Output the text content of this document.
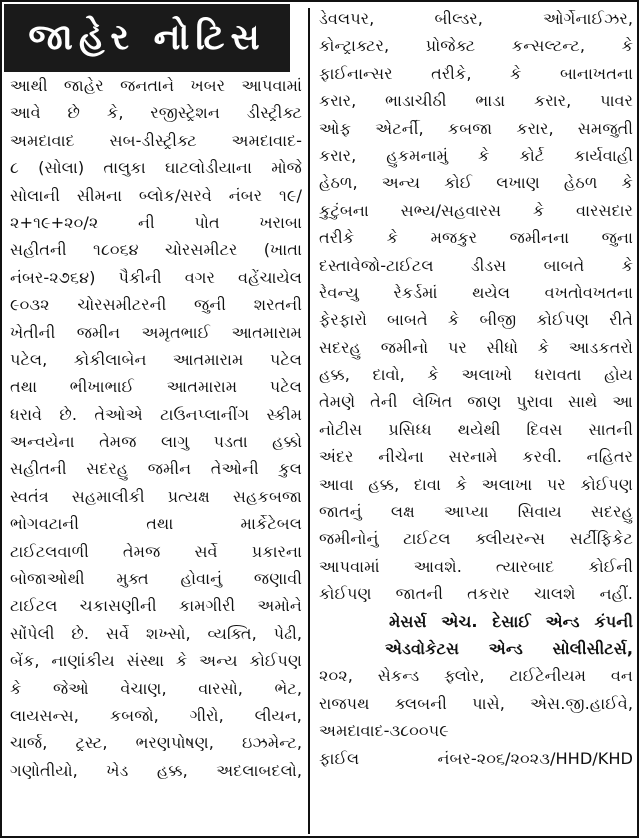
જાહેર નોટિસ
આથી જાહેર જનતાને ખબર આપવામાં
આવે છે કે, રજીસ્ટ્રેશન ડીસ્ટ્રીક્ટ
અમદાવાદ સબ-ડીસ્ટ્રીક્ટ અમદાવાદ-
૮ (સોલા) તાલુકા ઘાટલોડીયાના મોજે
સોલાની સીમના બ્લોક/સરવે નંબર ૧૯/
૨+૧૯+૨૦/૨ ની પોત ખરાબા
સહીતની ૧૮૦૬૪ ચોરસમીટર (ખાતા
નંબર-૨૭૬૪) પૈકીની વગર વહેંચાયેલ
૯૦૩૨ ચોરસમીટરની જુની શરતની
ખેતીની જમીન અમૃતભાઈ આતમારામ
પટેલ, કોકીલાબેન આતમારામ પટેલ
તથા ભીખાભાઈ આતમારામ પટેલ
ધરાવે છે. તેઓએ ટાઉનપ્લાનીંગ સ્કીમ
અન્વયેના તેમજ લાગુ પડતા હક્કો
સહીતની સદરહુ જમીન તેઓની કુલ
સ્વતંત્ર સહમાલીકી પ્રત્યક્ષ સહકબજા
ભોગવટાની	તથા	માર્કેટેબલ
ટાઈટલવાળી તેમજ સર્વે પ્રકારના
બોજાઓથી મુક્ત હોવાનું જણાવી
ટાઈટલ ચકાસણીની કામગીરી અમોને
સોંપેલી છે. સર્વે શખ્સો, વ્યક્તિ, પેઢી,
બેંક, નાણાંકીય સંસ્થા કે અન્ય કોઈપણ
કે જેઓ વેચાણ, વારસો, ભેટ,
લાયસન્સ, કબજો, ગીરો, લીયન,
ચાર્જ, ટ્રસ્ટ, ભરણપોષણ, ઇઝમેન્ટ,
ગણોતીયો, ખેડ હક્ક, અદલાબદલો,
ડેવલપર,	બીલ્ડર,	ઓર્ગેનાઈઝર,
કોન્ટ્રાક્ટર, પ્રોજેક્ટ કન્સલ્ટન્ટ, કે
ફાઈનાન્સર તરીકે, કે બાનાખતના
કરાર, ભાડાચીઠી ભાડા કરાર, પાવર
ઓફ એટર્ની, કબજા કરાર, સમજુતી
કરાર, હુકમનામું કે કોર્ટ કાર્યવાહી
હેઠળ, અન્ય કોઈ લખાણ હેઠળ કે
કુટુંબના સભ્ય/સહવારસ કે વારસદાર
તરીકે કે મજકુર જમીનના જુના
દસ્તાવેજો-ટાઈટલ ડીડસ બાબતે કે
રેવન્યુ રેકર્ડમાં થયેલ વખતોવખતના
ફેરફારો બાબતે કે બીજી કોઈપણ રીતે
સદરહુ જમીનો પર સીધો કે આડકતરો
હક્ક, દાવો, કે અલાખો ધરાવતા હોય
તેમણે તેની લેખિત જાણ પુરાવા સાથે આ
નોટીસ પ્રસિધ્ધ થયેથી દિવસ સાતની
અંદર નીચેના સરનામે કરવી. નહિતર
આવા હક્ક, દાવા કે અલાખા પર કોઈપણ
જાતનું લક્ષ આપ્યા સિવાય સદરહુ
જમીનોનું ટાઈટલ ક્લીયરન્સ સર્ટીફિકેટ
આપવામાં આવશે. ત્યારબાદ કોઈની
કોઈપણ જાતની તકરાર ચાલશે નહીં.
મેસર્સ એચ. દેસાઈ એન્ડ કંપની
એડવોકેટસ એન્ડ સોલીસીટર્સ,
૨૦૨, સેકન્ડ ફ્લોર, ટાઈટેનીયમ વન
રાજપથ ક્લબની પાસે, એસ.જી.હાઈવે,
અમદાવાદ-૩૮૦૦૫૯
ફાઈલ નંબર-૨૦૬/૨૦૨૩/HHD/KHD
